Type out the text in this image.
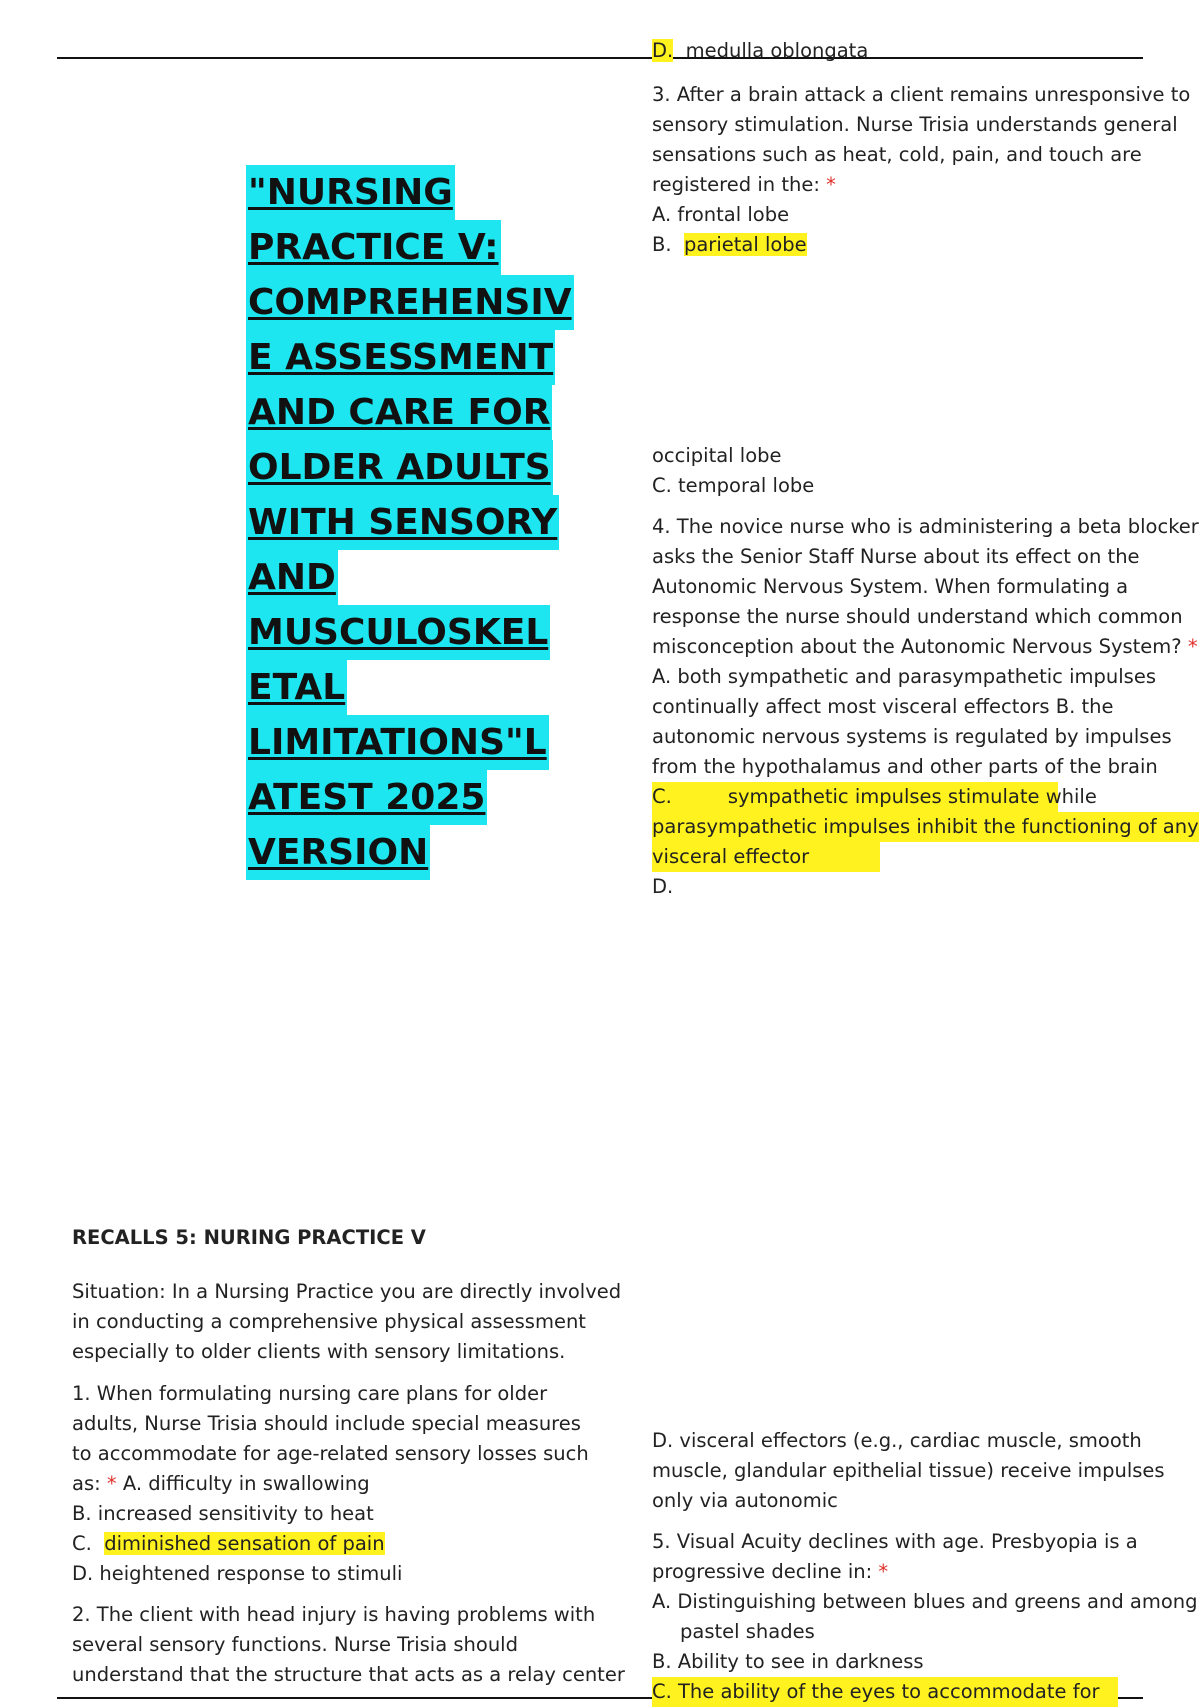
D. medulla oblongata
"NURSING
PRACTICE V:
COMPREHENSIV
E ASSESSMENT
AND CARE FOR
OLDER ADULTS
WITH SENSORY
AND
MUSCULOSKEL
ETAL
LIMITATIONS"L
ATEST 2025
VERSION
3. After a brain attack a client remains unresponsive to
sensory stimulation. Nurse Trisia understands general
sensations such as heat, cold, pain, and touch are
registered in the: *
A. frontal lobe
B. parietal lobe
occipital lobe
C. temporal lobe
4. The novice nurse who is administering a beta blocker
asks the Senior Staff Nurse about its effect on the
Autonomic Nervous System. When formulating a
response the nurse should understand which common
misconception about the Autonomic Nervous System? *
A. both sympathetic and parasympathetic impulses
continually affect most visceral effectors B. the
autonomic nervous systems is regulated by impulses
from the hypothalamus and other parts of the brain
C.	sympathetic impulses stimulate while
parasympathetic impulses inhibit the functioning of any
visceral effector
D.
D. visceral effectors (e.g., cardiac muscle, smooth
muscle, glandular epithelial tissue) receive impulses
only via autonomic
5. Visual Acuity declines with age. Presbyopia is a
progressive decline in: *
A. Distinguishing between blues and greens and among
pastel shades
B. Ability to see in darkness
C. The ability of the eyes to accommodate for
RECALLS 5: NURING PRACTICE V
Situation: In a Nursing Practice you are directly involved
in conducting a comprehensive physical assessment
especially to older clients with sensory limitations.
1. When formulating nursing care plans for older
adults, Nurse Trisia should include special measures
to accommodate for age-related sensory losses such
as: * A. difficulty in swallowing
B. increased sensitivity to heat
C. diminished sensation of pain
D. heightened response to stimuli
2. The client with head injury is having problems with
several sensory functions. Nurse Trisia should
understand that the structure that acts as a relay center
